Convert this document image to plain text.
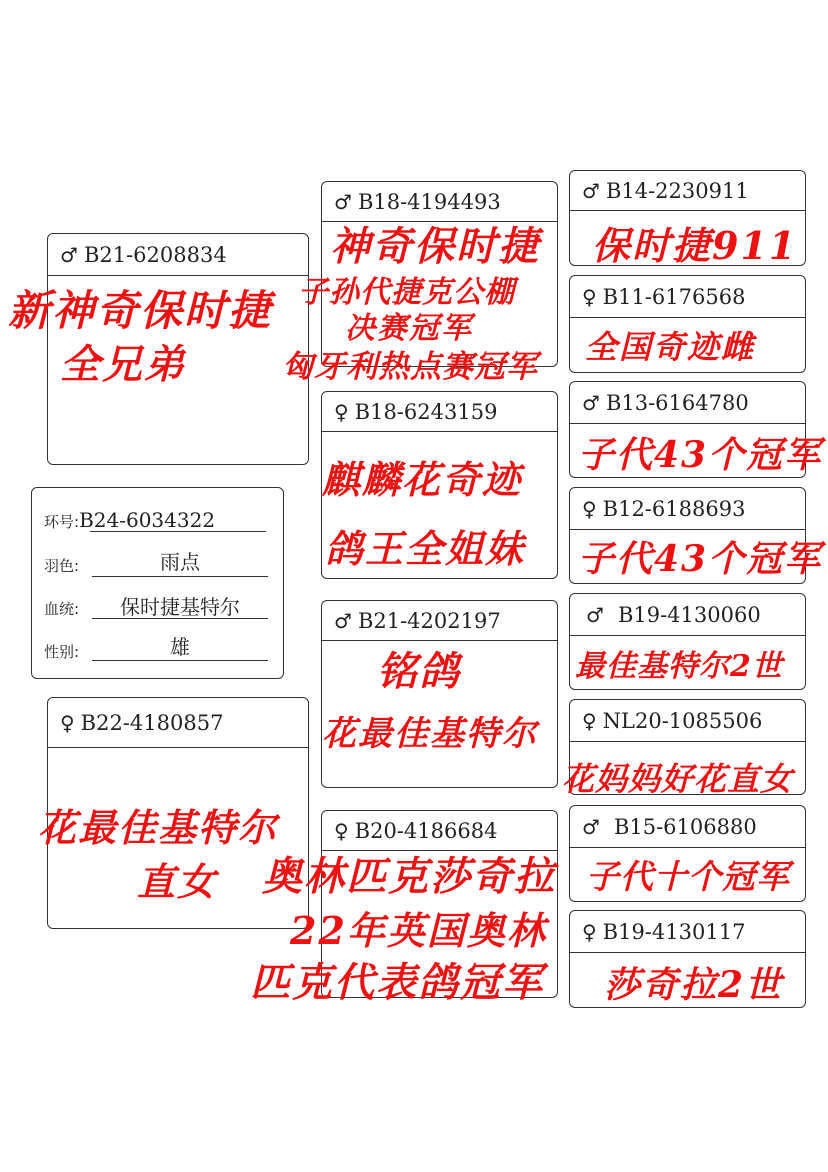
♂ B21-6208834
环号:B24-6034322
羽色:	雨点
血统:	保时捷基特尔
性别:	雄
♀ B22-4180857
♂ B18-4194493
♀ B18-6243159
♂ B21-4202197
♀ B20-4186684
♂ B14-2230911
♀ B11-6176568
♂ B13-6164780
♀ B12-6188693
♂ B19-4130060
♀ NL20-1085506
♂ B15-6106880
♀ B19-4130117
新神奇保时捷
全兄弟
神奇保时捷
子孙代捷克公棚
决赛冠军
匈牙利热点赛冠军
麒麟花奇迹
鸽王全姐妹
铭鸽
花最佳基特尔
花最佳基特尔
直女 奥林匹克莎奇拉
22年英国奥林
匹克代表鸽冠军
保时捷911
全国奇迹雌
子代43个冠军
子代43个冠军
最佳基特尔2世
花妈妈好花直女
子代十个冠军
莎奇拉2世
